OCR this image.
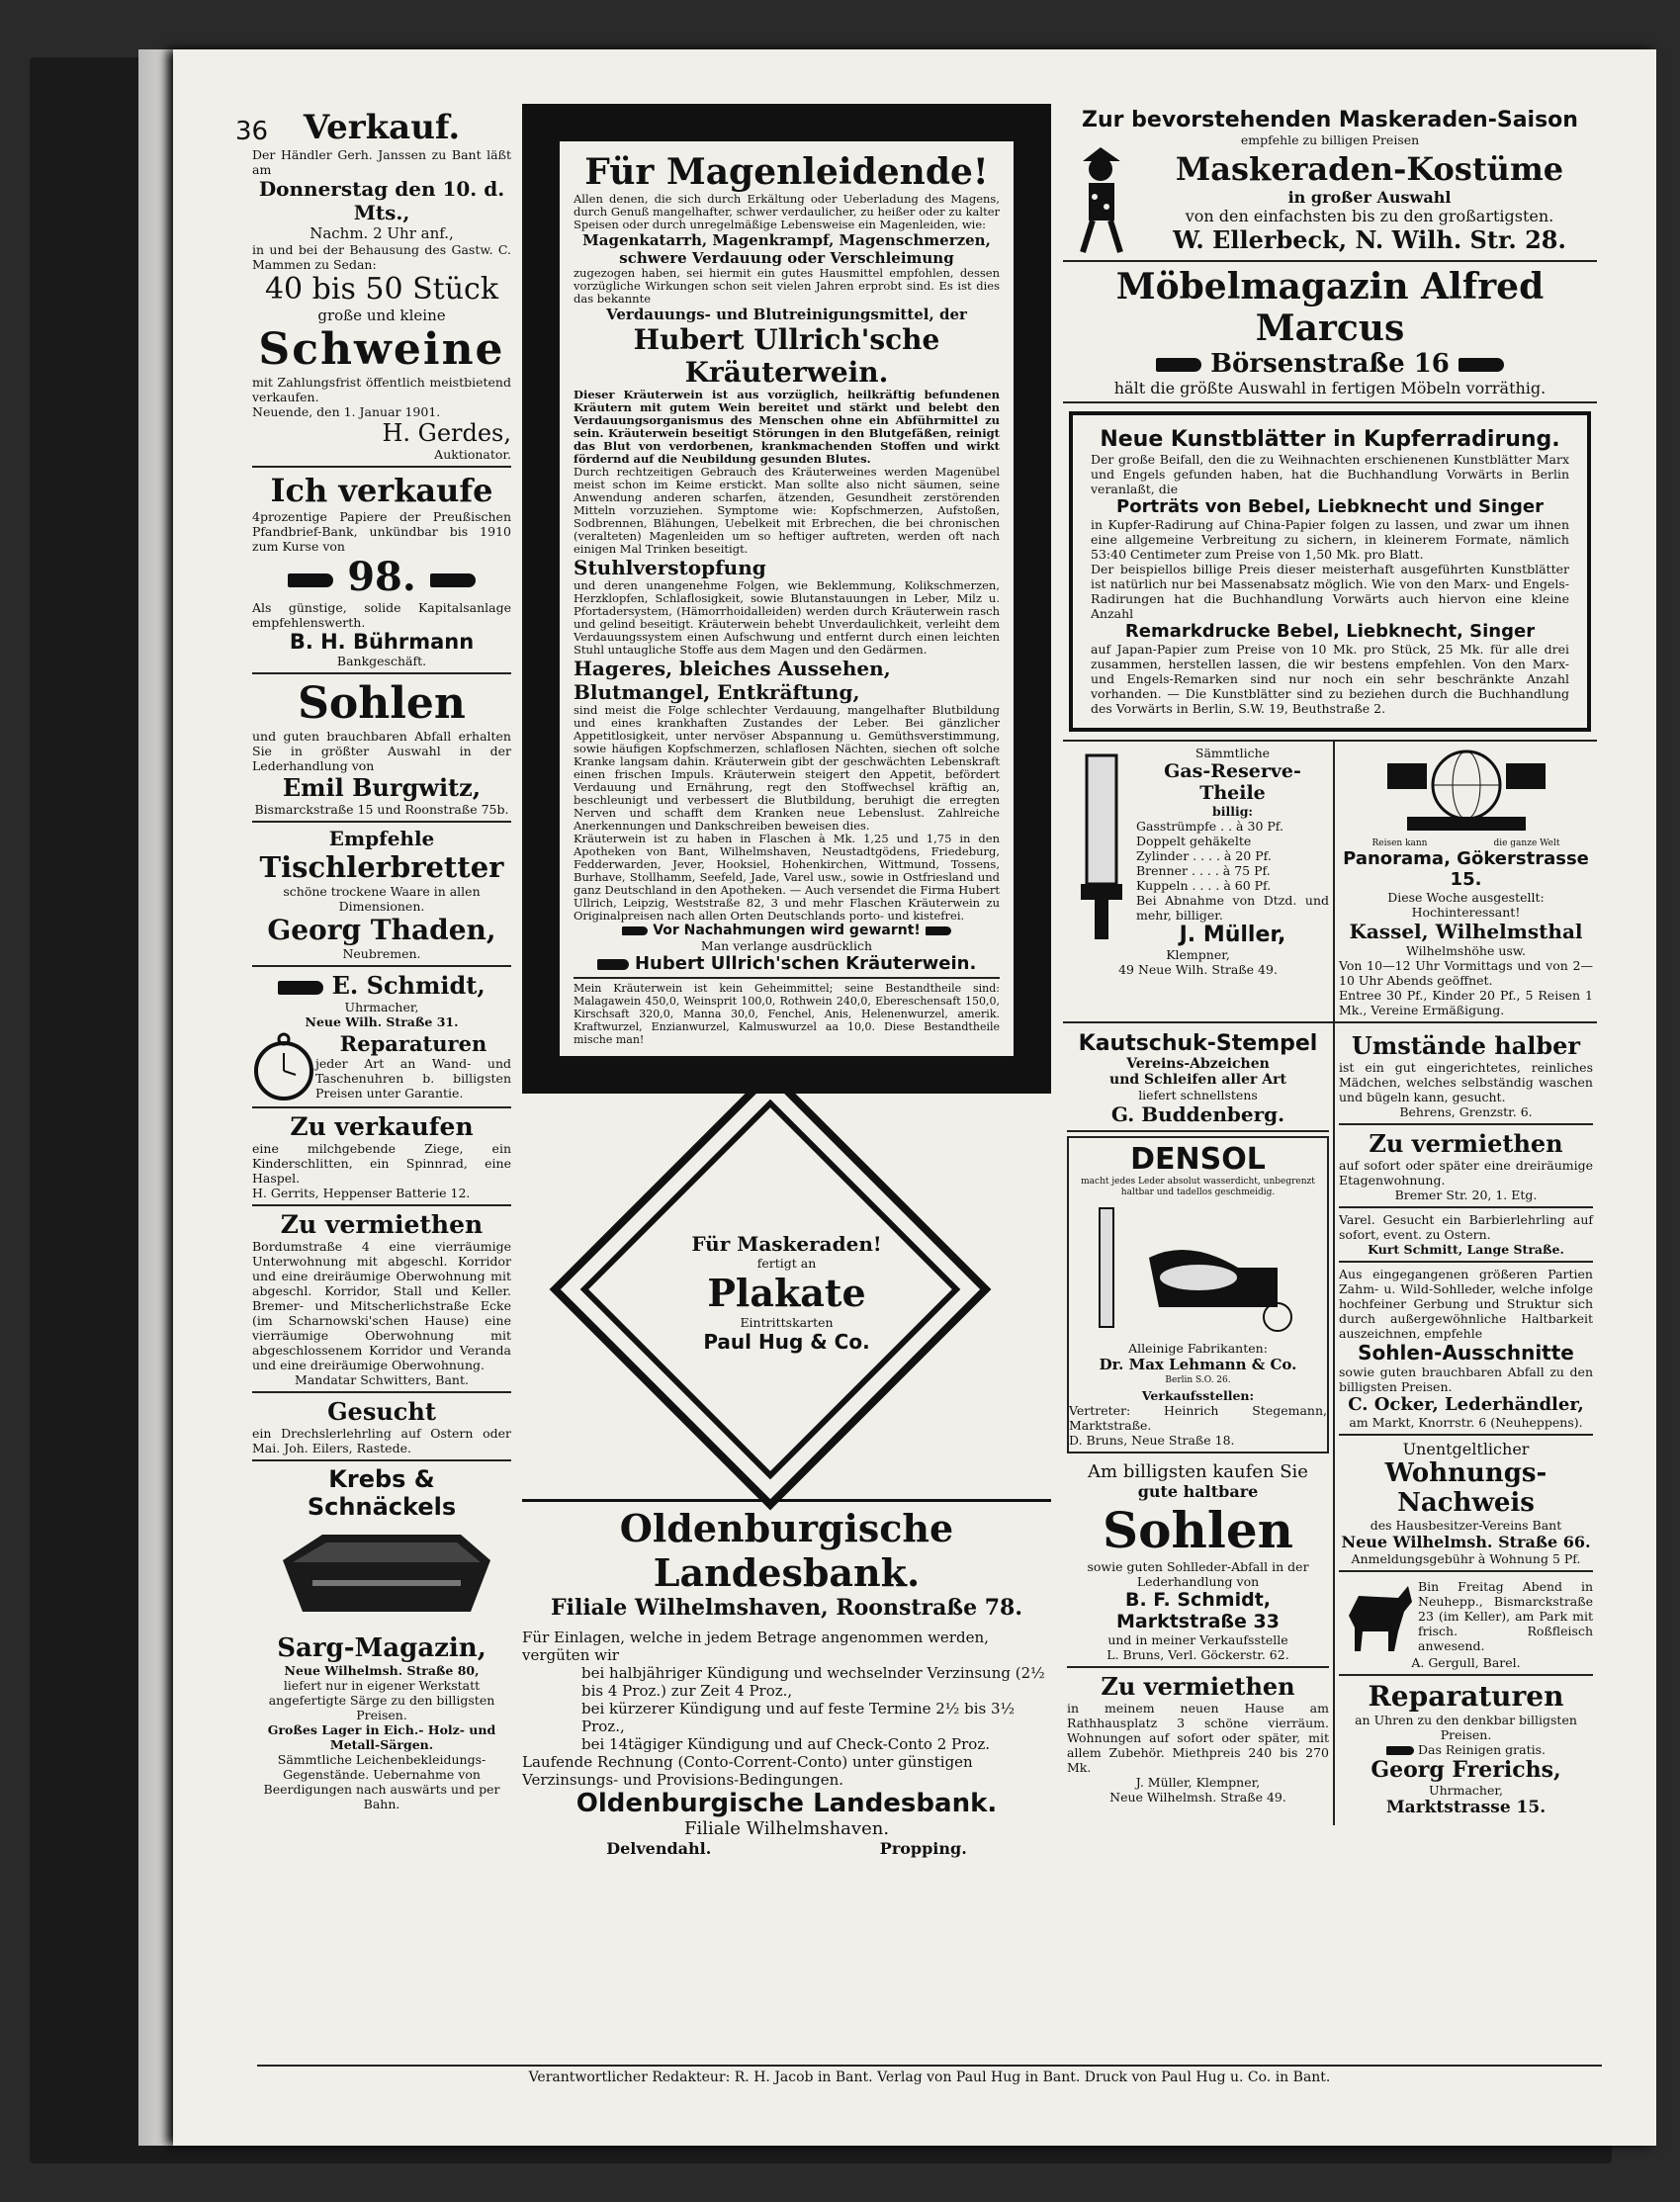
36	Verkauf.
Der Händler Gerh. Janssen zu Bant läßt am
Donnerstag den 10. d. Mts.,
Nachm. 2 Uhr anf.,
in und bei der Behausung des Gastw. C. Mammen zu Sedan:
40 bis 50 Stück
große und kleine
Schweine
mit Zahlungsfrist öffentlich meistbietend verkaufen.
Neuende, den 1. Januar 1901.
H. Gerdes,
Auktionator.
Ich verkaufe
4prozentige Papiere der Preußischen Pfandbrief-Bank, unkündbar bis 1910 zum Kurse von
98.
Als günstige, solide Kapitalsanlage empfehlenswerth.
B. H. Bührmann
Bankgeschäft.
Sohlen
und guten brauchbaren Abfall erhalten Sie in größter Auswahl in der Lederhandlung von
Emil Burgwitz,
Bismarckstraße 15 und Roonstraße 75b.
Empfehle
Tischlerbretter
schöne trockene Waare in allen Dimensionen.
Georg Thaden,
Neubremen.
E. Schmidt,
Uhrmacher,
Neue Wilh. Straße 31.
Reparaturen
jeder Art an Wand- und Taschenuhren b. billigsten Preisen unter Garantie.
Zu verkaufen
eine milchgebende Ziege, ein Kinderschlitten, ein Spinnrad, eine Haspel.
H. Gerrits, Heppenser Batterie 12.
Zu vermiethen
Bordumstraße 4 eine vierräumige Unterwohnung mit abgeschl. Korridor und eine dreiräumige Oberwohnung mit abgeschl. Korridor, Stall und Keller. Bremer- und Mitscherlichstraße Ecke (im Scharnowski'schen Hause) eine vierräumige Oberwohnung mit abgeschlossenem Korridor und Veranda und eine dreiräumige Oberwohnung.
Mandatar Schwitters, Bant.
Gesucht
ein Drechslerlehrling auf Ostern oder Mai. Joh. Eilers, Rastede.
Krebs & Schnäckels
Sarg-Magazin,
Neue Wilhelmsh. Straße 80,
liefert nur in eigener Werkstatt angefertigte Särge zu den billigsten Preisen.
Großes Lager in Eich.- Holz- und Metall-Särgen.
Sämmtliche Leichenbekleidungs-Gegenstände. Uebernahme von Beerdigungen nach auswärts und per Bahn.
Für Magenleidende!
Allen denen, die sich durch Erkältung oder Ueberladung des Magens, durch Genuß mangelhafter, schwer verdaulicher, zu heißer oder zu kalter Speisen oder durch unregelmäßige Lebensweise ein Magenleiden, wie:
Magenkatarrh, Magenkrampf, Magenschmerzen, schwere Verdauung oder Verschleimung
zugezogen haben, sei hiermit ein gutes Hausmittel empfohlen, dessen vorzügliche Wirkungen schon seit vielen Jahren erprobt sind. Es ist dies das bekannte
Verdauungs- und Blutreinigungsmittel, der
Hubert Ullrich'sche Kräuterwein.
Dieser Kräuterwein ist aus vorzüglich, heilkräftig befundenen Kräutern mit gutem Wein bereitet und stärkt und belebt den Verdauungsorganismus des Menschen ohne ein Abführmittel zu sein. Kräuterwein beseitigt Störungen in den Blutgefäßen, reinigt das Blut von verdorbenen, krankmachenden Stoffen und wirkt fördernd auf die Neubildung gesunden Blutes.
Durch rechtzeitigen Gebrauch des Kräuterweines werden Magenübel meist schon im Keime erstickt. Man sollte also nicht säumen, seine Anwendung anderen scharfen, ätzenden, Gesundheit zerstörenden Mitteln vorzuziehen. Symptome wie: Kopfschmerzen, Aufstoßen, Sodbrennen, Blähungen, Uebelkeit mit Erbrechen, die bei chronischen (veralteten) Magenleiden um so heftiger auftreten, werden oft nach einigen Mal Trinken beseitigt.
Stuhlverstopfung
und deren unangenehme Folgen, wie Beklemmung, Kolikschmerzen, Herzklopfen, Schlaflosigkeit, sowie Blutanstauungen in Leber, Milz u. Pfortadersystem, (Hämorrhoidalleiden) werden durch Kräuterwein rasch und gelind beseitigt. Kräuterwein behebt Unverdaulichkeit, verleiht dem Verdauungssystem einen Aufschwung und entfernt durch einen leichten Stuhl untaugliche Stoffe aus dem Magen und den Gedärmen.
Hageres, bleiches Aussehen, Blutmangel, Entkräftung,
sind meist die Folge schlechter Verdauung, mangelhafter Blutbildung und eines krankhaften Zustandes der Leber. Bei gänzlicher Appetitlosigkeit, unter nervöser Abspannung u. Gemüthsverstimmung, sowie häufigen Kopfschmerzen, schlaflosen Nächten, siechen oft solche Kranke langsam dahin. Kräuterwein gibt der geschwächten Lebenskraft einen frischen Impuls. Kräuterwein steigert den Appetit, befördert Verdauung und Ernährung, regt den Stoffwechsel kräftig an, beschleunigt und verbessert die Blutbildung, beruhigt die erregten Nerven und schafft dem Kranken neue Lebenslust. Zahlreiche Anerkennungen und Dankschreiben beweisen dies.
Kräuterwein ist zu haben in Flaschen à Mk. 1,25 und 1,75 in den Apotheken von Bant, Wilhelmshaven, Neustadtgödens, Friedeburg, Fedderwarden, Jever, Hooksiel, Hohenkirchen, Wittmund, Tossens, Burhave, Stollhamm, Seefeld, Jade, Varel usw., sowie in Ostfriesland und ganz Deutschland in den Apotheken. — Auch versendet die Firma Hubert Ullrich, Leipzig, Weststraße 82, 3 und mehr Flaschen Kräuterwein zu Originalpreisen nach allen Orten Deutschlands porto- und kistefrei.
Vor Nachahmungen wird gewarnt!
Man verlange ausdrücklich
Hubert Ullrich'schen Kräuterwein.
Mein Kräuterwein ist kein Geheimmittel; seine Bestandtheile sind: Malagawein 450,0, Weinsprit 100,0, Rothwein 240,0, Ebereschensaft 150,0, Kirschsaft 320,0, Manna 30,0, Fenchel, Anis, Helenenwurzel, amerik. Kraftwurzel, Enzianwurzel, Kalmuswurzel aa 10,0. Diese Bestandtheile mische man!
Für Maskeraden!
fertigt an
Plakate
Eintrittskarten
Paul Hug & Co.
Oldenburgische Landesbank.
Filiale Wilhelmshaven, Roonstraße 78.
Für Einlagen, welche in jedem Betrage angenommen werden, vergüten wir
bei halbjähriger Kündigung und wechselnder Verzinsung (2½ bis 4 Proz.) zur Zeit 4 Proz.,
bei kürzerer Kündigung und auf feste Termine 2½ bis 3½ Proz.,
bei 14tägiger Kündigung und auf Check-Conto 2 Proz.
Laufende Rechnung (Conto-Corrent-Conto) unter günstigen Verzinsungs- und Provisions-Bedingungen.
Oldenburgische Landesbank.
Filiale Wilhelmshaven.
Delvendahl.	Propping.
Zur bevorstehenden Maskeraden-Saison
empfehle zu billigen Preisen
Maskeraden-Kostüme
in großer Auswahl
von den einfachsten bis zu den großartigsten.
W. Ellerbeck, N. Wilh. Str. 28.
Möbelmagazin Alfred Marcus
Börsenstraße 16
hält die größte Auswahl in fertigen Möbeln vorräthig.
Neue Kunstblätter in Kupferradirung.
Der große Beifall, den die zu Weihnachten erschienenen Kunstblätter Marx und Engels gefunden haben, hat die Buchhandlung Vorwärts in Berlin veranlaßt, die
Porträts von Bebel, Liebknecht und Singer
in Kupfer-Radirung auf China-Papier folgen zu lassen, und zwar um ihnen eine allgemeine Verbreitung zu sichern, in kleinerem Formate, nämlich 53:40 Centimeter zum Preise von 1,50 Mk. pro Blatt.
Der beispiellos billige Preis dieser meisterhaft ausgeführten Kunstblätter ist natürlich nur bei Massenabsatz möglich. Wie von den Marx- und Engels-Radirungen hat die Buchhandlung Vorwärts auch hiervon eine kleine Anzahl
Remarkdrucke Bebel, Liebknecht, Singer
auf Japan-Papier zum Preise von 10 Mk. pro Stück, 25 Mk. für alle drei zusammen, herstellen lassen, die wir bestens empfehlen. Von den Marx- und Engels-Remarken sind nur noch ein sehr beschränkte Anzahl vorhanden. — Die Kunstblätter sind zu beziehen durch die Buchhandlung des Vorwärts in Berlin, S.W. 19, Beuthstraße 2.
Sämmtliche
Gas-Reserve-Theile
billig:
Gasstrümpfe . . à 30 Pf.
Doppelt gehäkelte
Zylinder . . . . à 20 Pf.
Brenner . . . . à 75 Pf.
Kuppeln . . . . à 60 Pf.
Bei Abnahme von Dtzd. und mehr, billiger.
J. Müller,
Klempner,
49 Neue Wilh. Straße 49.
Reisen kann	die ganze Welt
Panorama, Gökerstrasse 15.
Diese Woche ausgestellt:
Hochinteressant!
Kassel, Wilhelmsthal
Wilhelmshöhe usw.
Von 10—12 Uhr Vormittags und von 2—10 Uhr Abends geöffnet.
Entree 30 Pf., Kinder 20 Pf., 5 Reisen 1 Mk., Vereine Ermäßigung.
Kautschuk-Stempel
Vereins-Abzeichen
und Schleifen aller Art
liefert schnellstens
G. Buddenberg.
DENSOL
macht jedes Leder absolut wasserdicht, unbegrenzt haltbar und tadellos geschmeidig.
Alleinige Fabrikanten:
Dr. Max Lehmann & Co.
Berlin S.O. 26.
Verkaufsstellen:
Vertreter: Heinrich Stegemann, Marktstraße.
D. Bruns, Neue Straße 18.
Am billigsten kaufen Sie
gute haltbare
Sohlen
sowie guten Sohlleder-Abfall in der Lederhandlung von
B. F. Schmidt, Marktstraße 33
und in meiner Verkaufsstelle
L. Bruns, Verl. Göckerstr. 62.
Zu vermiethen
in meinem neuen Hause am Rathhausplatz 3 schöne vierräum. Wohnungen auf sofort oder später, mit allem Zubehör. Miethpreis 240 bis 270 Mk.
J. Müller, Klempner,
Neue Wilhelmsh. Straße 49.
Umstände halber
ist ein gut eingerichtetes, reinliches Mädchen, welches selbständig waschen und bügeln kann, gesucht.
Behrens, Grenzstr. 6.
Zu vermiethen
auf sofort oder später eine dreiräumige Etagenwohnung.
Bremer Str. 20, 1. Etg.
Varel. Gesucht ein Barbierlehrling auf sofort, event. zu Ostern.
Kurt Schmitt, Lange Straße.
Aus eingegangenen größeren Partien Zahm- u. Wild-Sohlleder, welche infolge hochfeiner Gerbung und Struktur sich durch außergewöhnliche Haltbarkeit auszeichnen, empfehle
Sohlen-Ausschnitte
sowie guten brauchbaren Abfall zu den billigsten Preisen.
C. Ocker, Lederhändler,
am Markt, Knorrstr. 6 (Neuheppens).
Unentgeltlicher
Wohnungs-Nachweis
des Hausbesitzer-Vereins Bant
Neue Wilhelmsh. Straße 66.
Anmeldungsgebühr à Wohnung 5 Pf.
Bin Freitag Abend in Neuhepp., Bismarckstraße 23 (im Keller), am Park mit frisch. Roßfleisch anwesend.
A. Gergull, Barel.
Reparaturen
an Uhren zu den denkbar billigsten Preisen.
Das Reinigen gratis.
Georg Frerichs,
Uhrmacher,
Marktstrasse 15.
Verantwortlicher Redakteur: R. H. Jacob in Bant. Verlag von Paul Hug in Bant. Druck von Paul Hug u. Co. in Bant.
